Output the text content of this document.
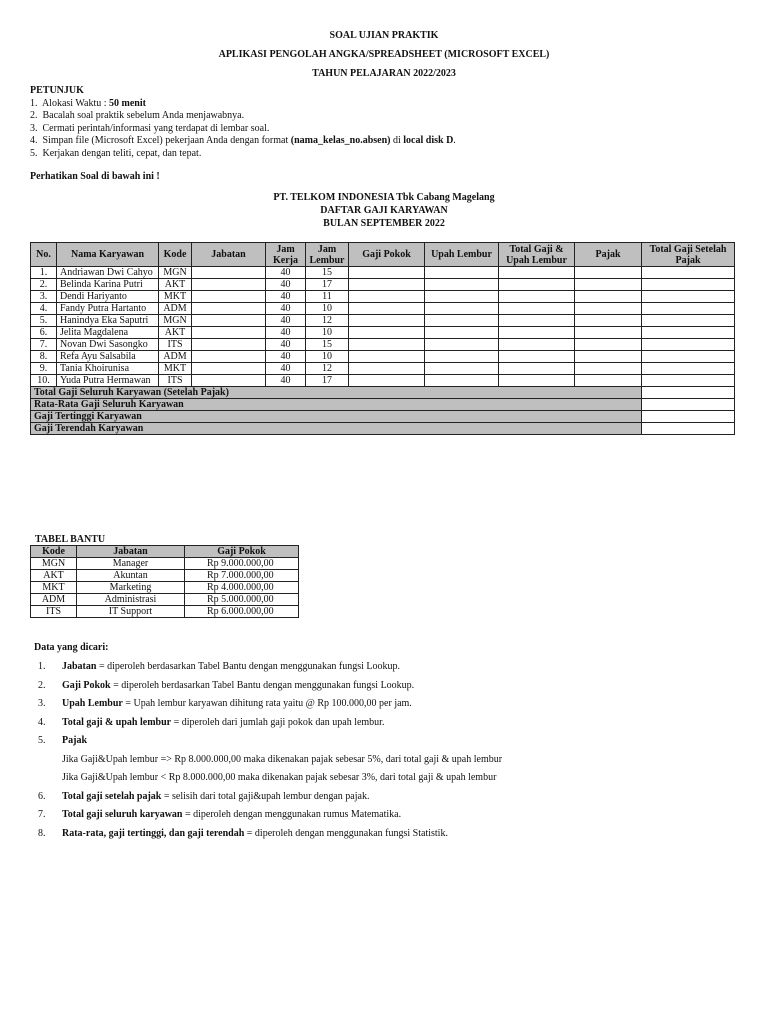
SOAL UJIAN PRAKTIK
APLIKASI PENGOLAH ANGKA/SPREADSHEET (MICROSOFT EXCEL)
TAHUN PELAJARAN 2022/2023
PETUNJUK
1. Alokasi Waktu : 50 menit
2. Bacalah soal praktik sebelum Anda menjawabnya.
3. Cermati perintah/informasi yang terdapat di lembar soal.
4. Simpan file (Microsoft Excel) pekerjaan Anda dengan format (nama_kelas_no.absen) di local disk D.
5. Kerjakan dengan teliti, cepat, dan tepat.
Perhatikan Soal di bawah ini !
PT. TELKOM INDONESIA Tbk Cabang Magelang
DAFTAR GAJI KARYAWAN
BULAN SEPTEMBER 2022
No.	Nama Karyawan	Kode	Jabatan	Jam Kerja	Jam Lembur	Gaji Pokok	Upah Lembur	Total Gaji & Upah Lembur	Pajak	Total Gaji Setelah Pajak
1.	Andriawan Dwi Cahyo	MGN		40	15					
2.	Belinda Karina Putri	AKT		40	17					
3.	Dendi Hariyanto	MKT		40	11					
4.	Fandy Putra Hartanto	ADM		40	10					
5.	Hanindya Eka Saputri	MGN		40	12					
6.	Jelita Magdalena	AKT		40	10					
7.	Novan Dwi Sasongko	ITS		40	15					
8.	Refa Ayu Salsabila	ADM		40	10					
9.	Tania Khoirunisa	MKT		40	12					
10.	Yuda Putra Hermawan	ITS		40	17					
Total Gaji Seluruh Karyawan (Setelah Pajak)										
Rata-Rata Gaji Seluruh Karyawan										
Gaji Tertinggi Karyawan										
Gaji Terendah Karyawan										
TABEL BANTU
Kode	Jabatan	Gaji Pokok
MGN	Manager	Rp 9.000.000,00
AKT	Akuntan	Rp 7.000.000,00
MKT	Marketing	Rp 4.000.000,00
ADM	Administrasi	Rp 5.000.000,00
ITS	IT Support	Rp 6.000.000,00
Data yang dicari:
1. Jabatan = diperoleh berdasarkan Tabel Bantu dengan menggunakan fungsi Lookup.
2. Gaji Pokok = diperoleh berdasarkan Tabel Bantu dengan menggunakan fungsi Lookup.
3. Upah Lembur = Upah lembur karyawan dihitung rata yaitu @ Rp 100.000,00 per jam.
4. Total gaji & upah lembur = diperoleh dari jumlah gaji pokok dan upah lembur.
5. Pajak
Jika Gaji&Upah lembur => Rp 8.000.000,00 maka dikenakan pajak sebesar 5%, dari total gaji & upah lembur
Jika Gaji&Upah lembur < Rp 8.000.000,00 maka dikenakan pajak sebesar 3%, dari total gaji & upah lembur
6. Total gaji setelah pajak = selisih dari total gaji&upah lembur dengan pajak.
7. Total gaji seluruh karyawan = diperoleh dengan menggunakan rumus Matematika.
8. Rata-rata, gaji tertinggi, dan gaji terendah = diperoleh dengan menggunakan fungsi Statistik.
